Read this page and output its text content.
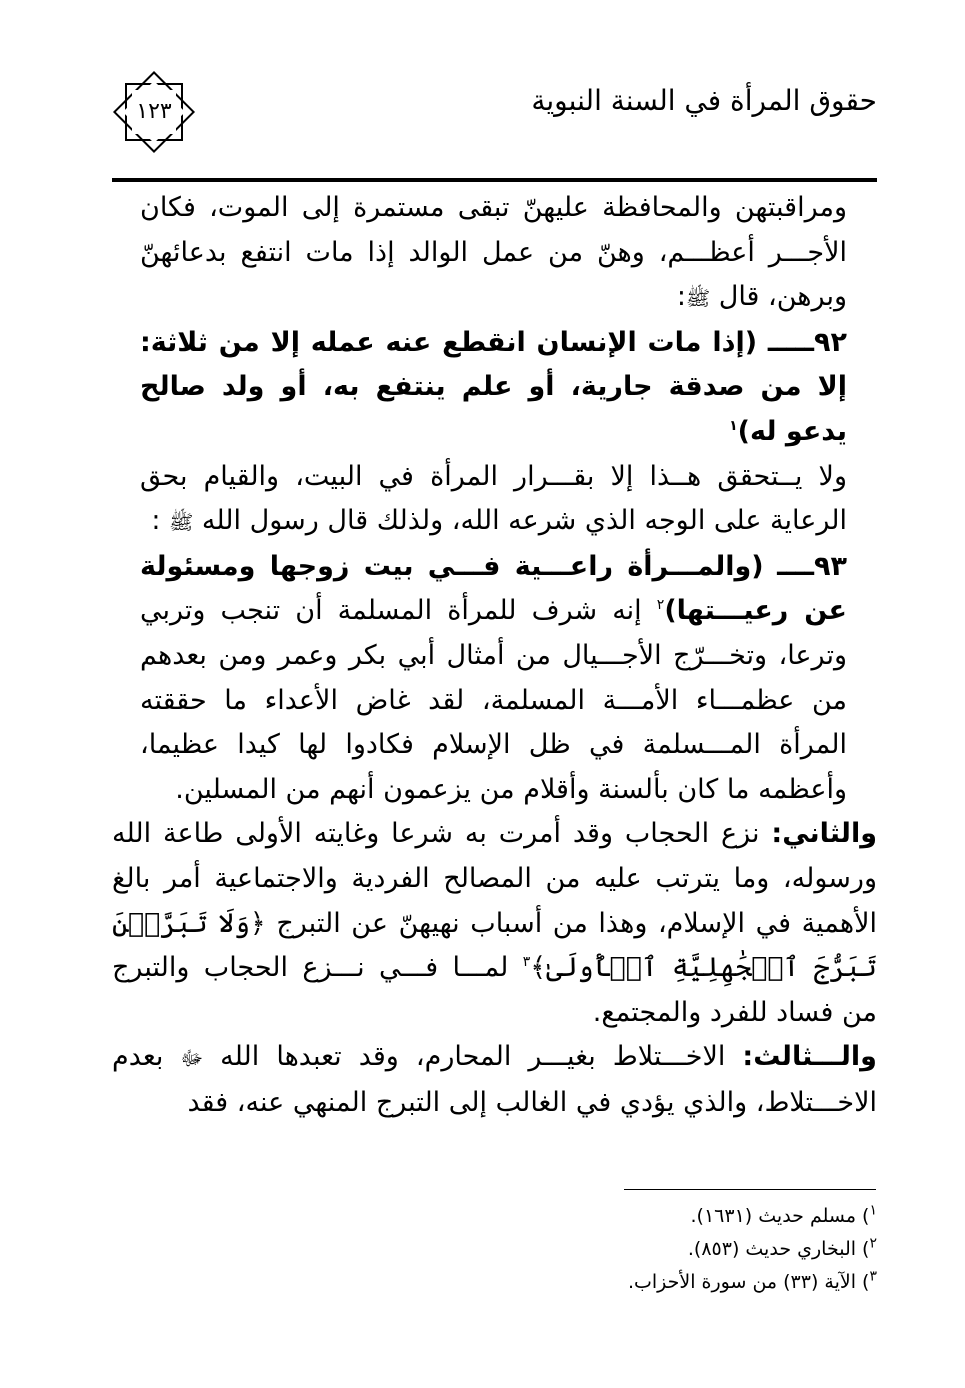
حقوق المرأة في السنة النبوية
١٢٣

ومراقبتهن والمحافظة عليهنّ تبقى مستمرة إلى الموت، فكان الأجـــر أعظـــم، وهنّ من عمل الوالد إذا مات انتفع بدعائهنّ وبرهن، قال ﷺ:

٩٢ـــــ (إذا مات الإنسان انقطع عنه عمله إلا من ثلاثة: إلا من صدقة جارية، أو علم ينتفع به، أو ولد صالح يدعو له)$^١$

ولا يــتحقق هــذا إلا بقـــرار المرأة في البيت، والقيام بحق الرعاية على الوجه الذي شرعه الله، ولذلك قال رسول الله ﷺ :

٩٣ــــ (والمـــرأة راعـــية فـــي بيت زوجها ومسئولة عن رعيـــتها)$^٢$ إنه شرف للمرأة المسلمة أن تنجب وتربي وترعا، وتخـــرّج الأجـــيال من أمثال أبي بكر وعمر ومن بعدهم من عظمـــاء الأمـــة المسلمة، لقد غاض الأعداء ما حققته المرأة المـــسلمة في ظل الإسلام فكادوا لها كيدا عظيما، وأعظمه ما كان بألسنة وأقلام من يزعمون أنهم من المسلين.

والثاني: نزع الحجاب وقد أمرت به شرعا وغايته الأولى طاعة الله ورسوله، وما يترتب عليه من المصالح الفردية والاجتماعية أمر بالغ الأهمية في الإسلام، وهذا من أسباب نهيهنّ عن التبرج ﴿وَلَا تَبَرَّجۡنَ تَبَرُّجَ ٱلۡجَٰهِلِيَّةِ ٱلۡأُولَىٰ﴾$^٣$ لمـــا فـــي نـــزع الحجاب والتبرج من فساد للفرد والمجتمع.

والـــثالث: الاخـــتلاط بغيـــر المحارم، وقد تعبدها الله ﷻ بعدم الاخـــتلاط، والذي يؤدي في الغالب إلى التبرج المنهي عنه، فقد

$^١$) مسلم حديث (١٦٣١).

$^٢$) البخاري حديث (٨٥٣).

$^٣$) الآية (٣٣) من سورة الأحزاب.
